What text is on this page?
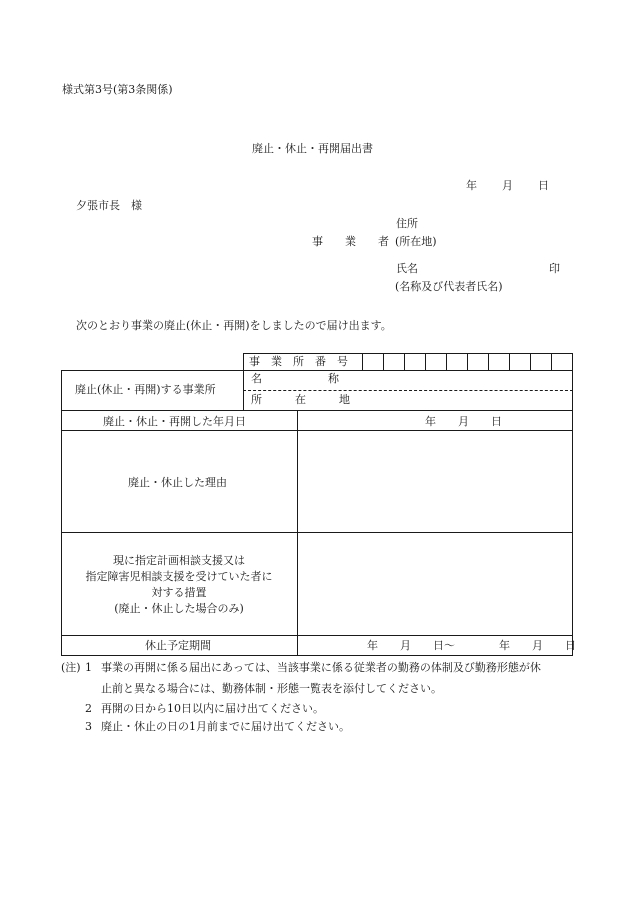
様式第3号(第3条関係)
廃止・休止・再開届出書
年 月 日
夕張市長　様
住所
事　　業　　者 (所在地)
氏名	印
(名称及び代表者氏名)
次のとおり事業の廃止(休止・再開)をしましたので届け出ます。
事　業　所　番　号
廃止(休止・再開)する事業所
名　　　　　　称
所　　　在　　　地
廃止・休止・再開した年月日	年　　月　　日
廃止・休止した理由
現に指定計画相談支援又は
指定障害児相談支援を受けていた者に
対する措置
(廃止・休止した場合のみ)
休止予定期間	年　　月　　日～　　　　年　　月　　日
(注) 1 事業の再開に係る届出にあっては、当該事業に係る従業者の勤務の体制及び勤務形態が休
止前と異なる場合には、勤務体制・形態一覧表を添付してください。
2 再開の日から10日以内に届け出てください。
3 廃止・休止の日の1月前までに届け出てください。
